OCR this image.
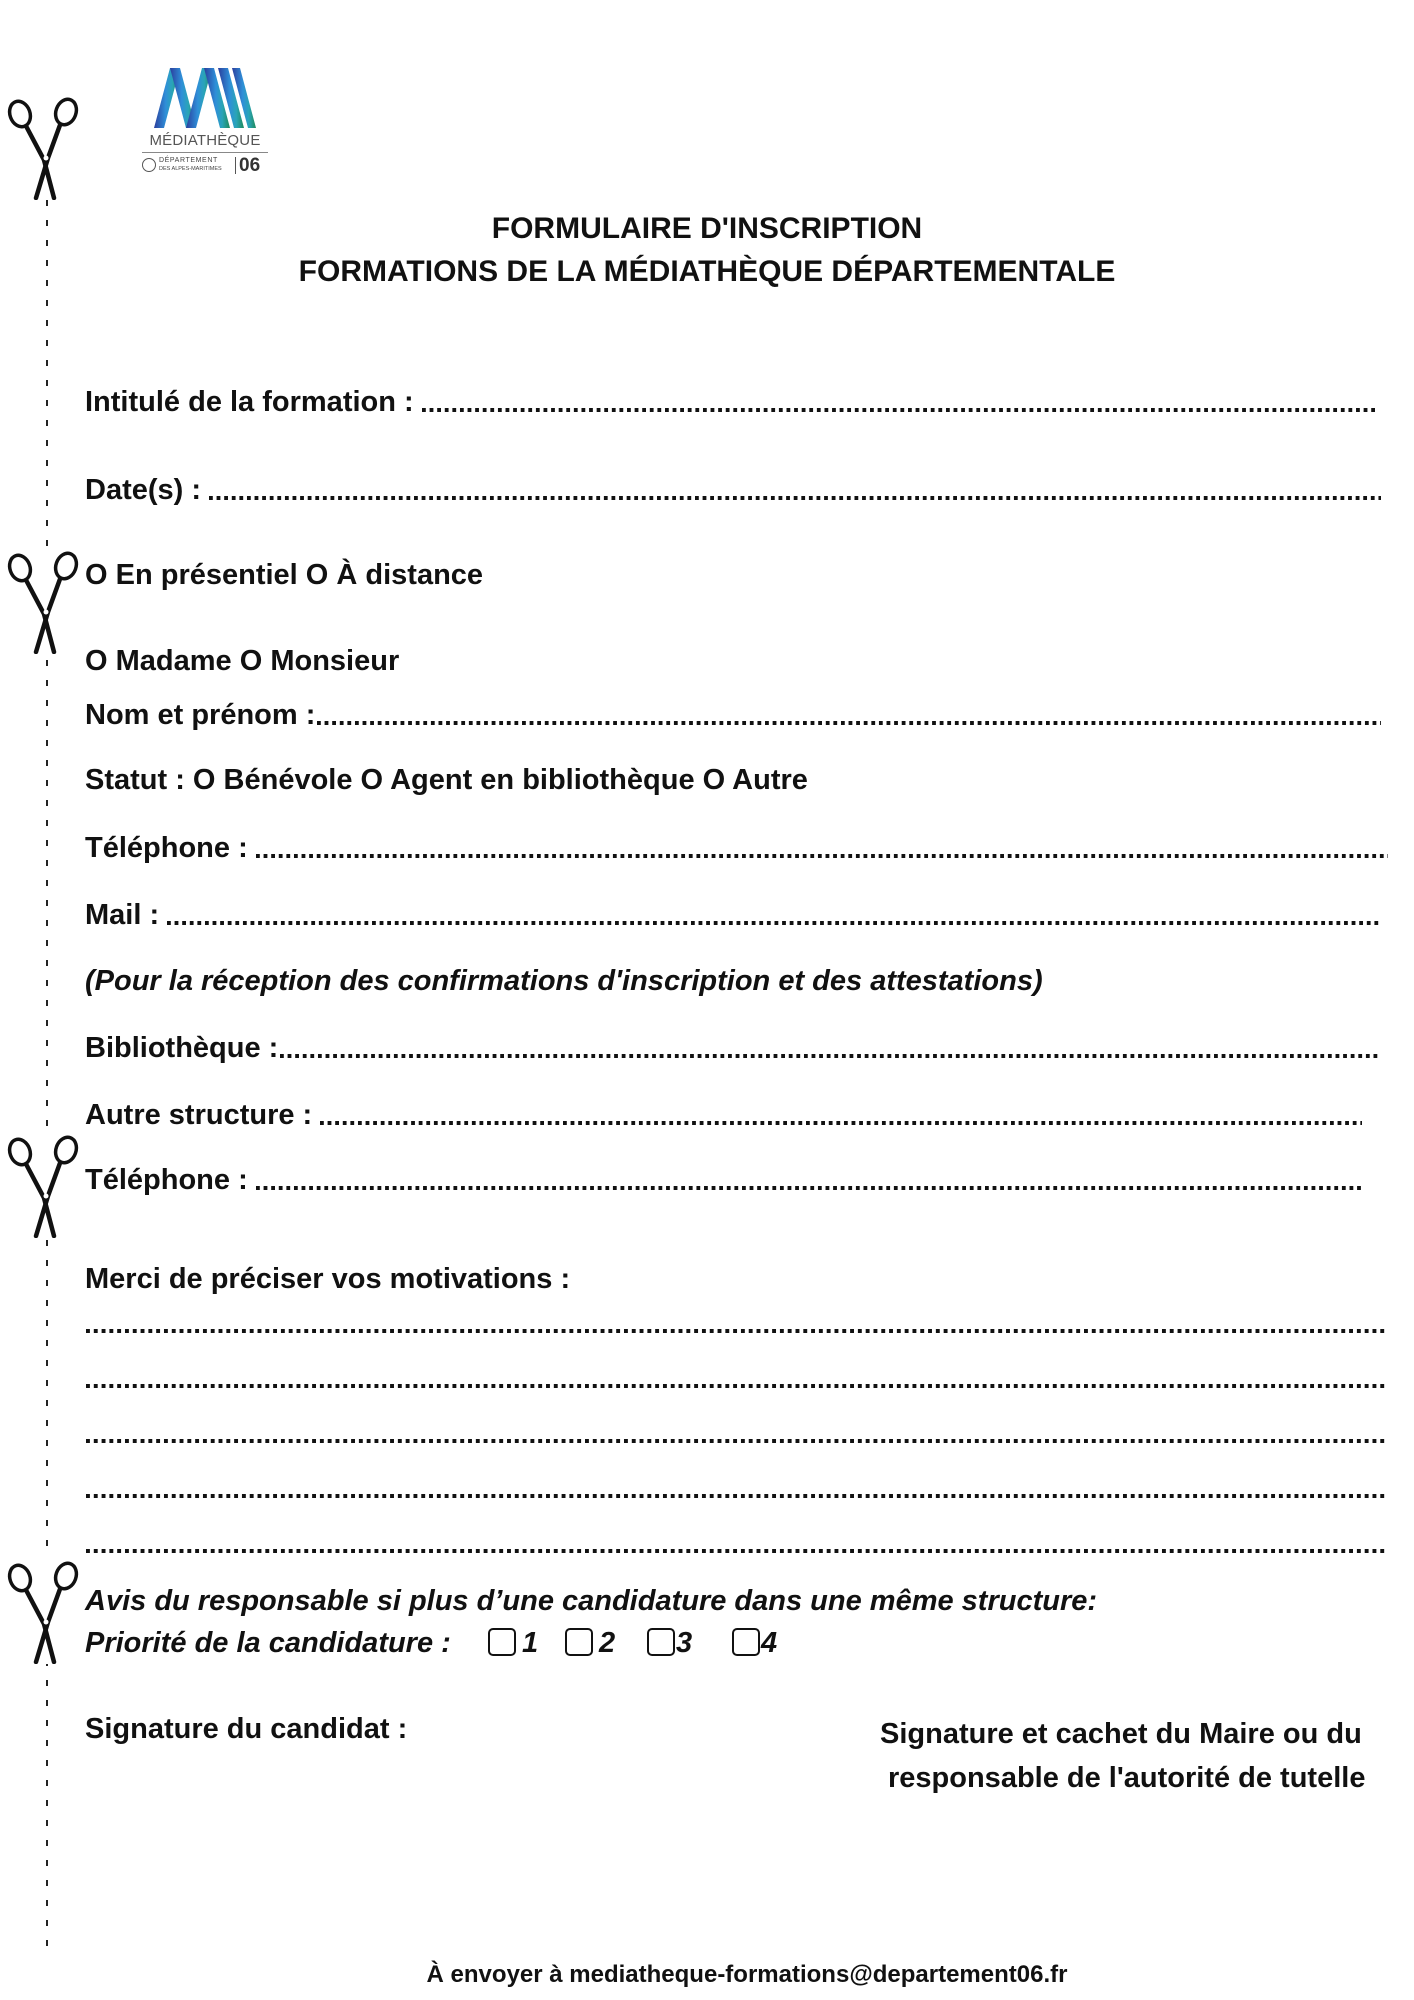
MÉDIATHÈQUE
DÉPARTEMENT
DES ALPES-MARITIMES 06
FORMULAIRE D'INSCRIPTION
FORMATIONS DE LA MÉDIATHÈQUE DÉPARTEMENTALE
Intitulé de la formation :
Date(s) :
O En présentiel O À distance
O Madame O Monsieur
Nom et prénom :
Statut : O Bénévole O Agent en bibliothèque O Autre
Téléphone :
Mail :
(Pour la réception des confirmations d'inscription et des attestations)
Bibliothèque :
Autre structure :
Téléphone :
Merci de préciser vos motivations :
Avis du responsable si plus d’une candidature dans une même structure:
Priorité de la candidature :	1	2	3	4
Signature du candidat :	Signature et cachet du Maire ou du
responsable de l'autorité de tutelle
À envoyer à mediatheque-formations@departement06.fr
